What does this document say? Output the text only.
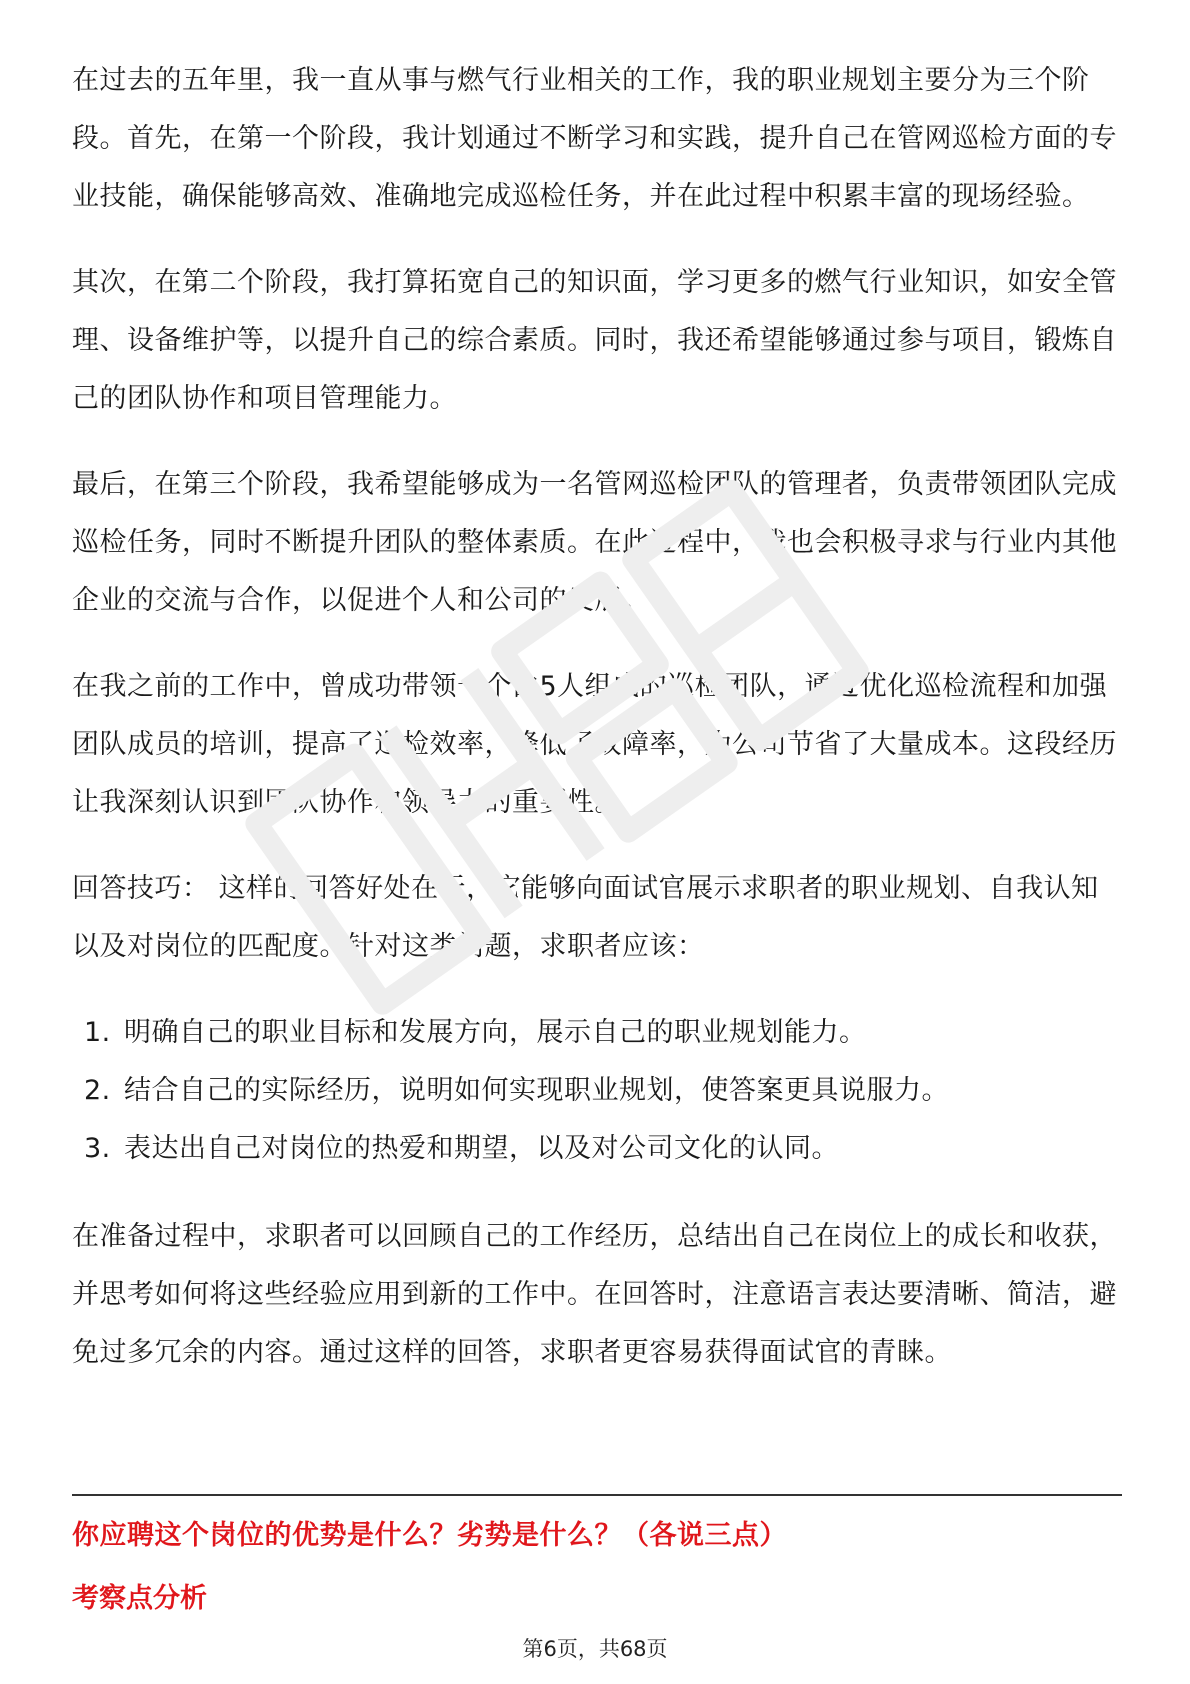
在过去的五年里，我一直从事与燃气行业相关的工作，我的职业规划主要分为三个阶段。首先，在第一个阶段，我计划通过不断学习和实践，提升自己在管网巡检方面的专业技能，确保能够高效、准确地完成巡检任务，并在此过程中积累丰富的现场经验。

其次，在第二个阶段，我打算拓宽自己的知识面，学习更多的燃气行业知识，如安全管理、设备维护等，以提升自己的综合素质。同时，我还希望能够通过参与项目，锻炼自己的团队协作和项目管理能力。

最后，在第三个阶段，我希望能够成为一名管网巡检团队的管理者，负责带领团队完成巡检任务，同时不断提升团队的整体素质。在此过程中，我也会积极寻求与行业内其他企业的交流与合作，以促进个人和公司的发展。

在我之前的工作中，曾成功带领一个由5人组成的巡检团队，通过优化巡检流程和加强团队成员的培训，提高了巡检效率，降低了故障率，为公司节省了大量成本。这段经历让我深刻认识到团队协作和领导力的重要性。

回答技巧： 这样的回答好处在于，它能够向面试官展示求职者的职业规划、自我认知以及对岗位的匹配度。针对这类问题，求职者应该：

1. 明确自己的职业目标和发展方向，展示自己的职业规划能力。
2. 结合自己的实际经历，说明如何实现职业规划，使答案更具说服力。
3. 表达出自己对岗位的热爱和期望，以及对公司文化的认同。

在准备过程中，求职者可以回顾自己的工作经历，总结出自己在岗位上的成长和收获，并思考如何将这些经验应用到新的工作中。在回答时，注意语言表达要清晰、简洁，避免过多冗余的内容。通过这样的回答，求职者更容易获得面试官的青睐。

你应聘这个岗位的优势是什么？劣势是什么？（各说三点）
考察点分析
第6页，共68页
